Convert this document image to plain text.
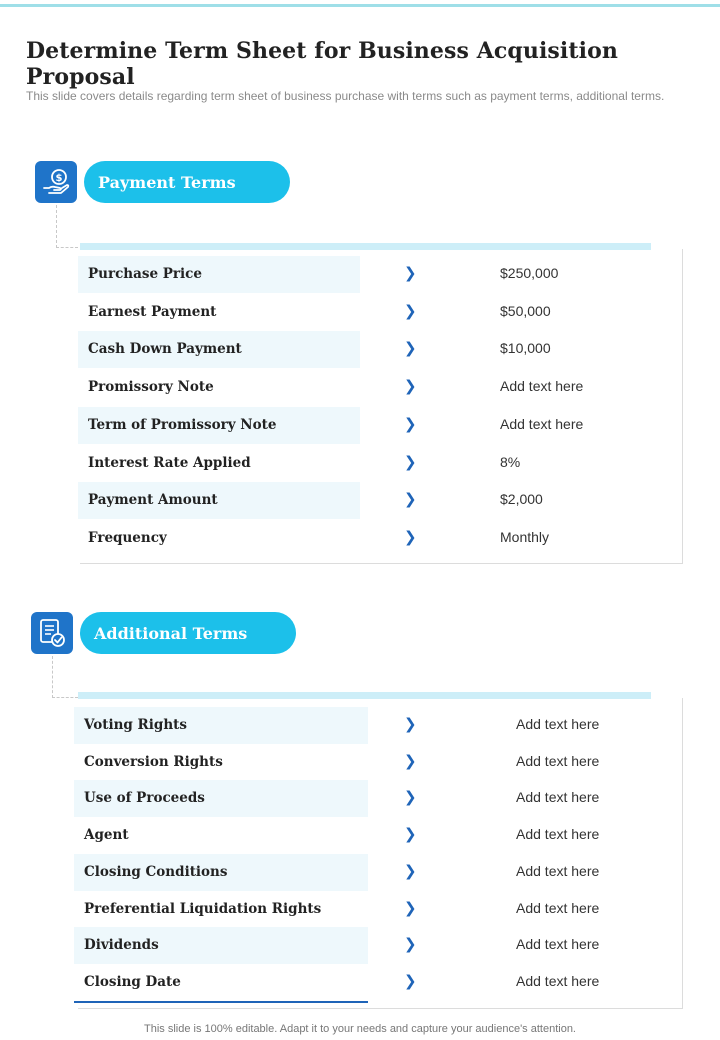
Determine Term Sheet for Business Acquisition Proposal

This slide covers details regarding term sheet of business purchase with terms such as payment terms, additional terms.

$	Payment Terms
Purchase Price	❯	$250,000
Earnest Payment	❯	$50,000
Cash Down Payment	❯	$10,000
Promissory Note	❯	Add text here
Term of Promissory Note	❯	Add text here
Interest Rate Applied	❯	8%
Payment Amount	❯	$2,000
Frequency	❯	Monthly
Additional Terms
Voting Rights	❯	Add text here
Conversion Rights	❯	Add text here
Use of Proceeds	❯	Add text here
Agent	❯	Add text here
Closing Conditions	❯	Add text here
Preferential Liquidation Rights	❯	Add text here
Dividends	❯	Add text here
Closing Date	❯	Add text here

This slide is 100% editable. Adapt it to your needs and capture your audience's attention.
